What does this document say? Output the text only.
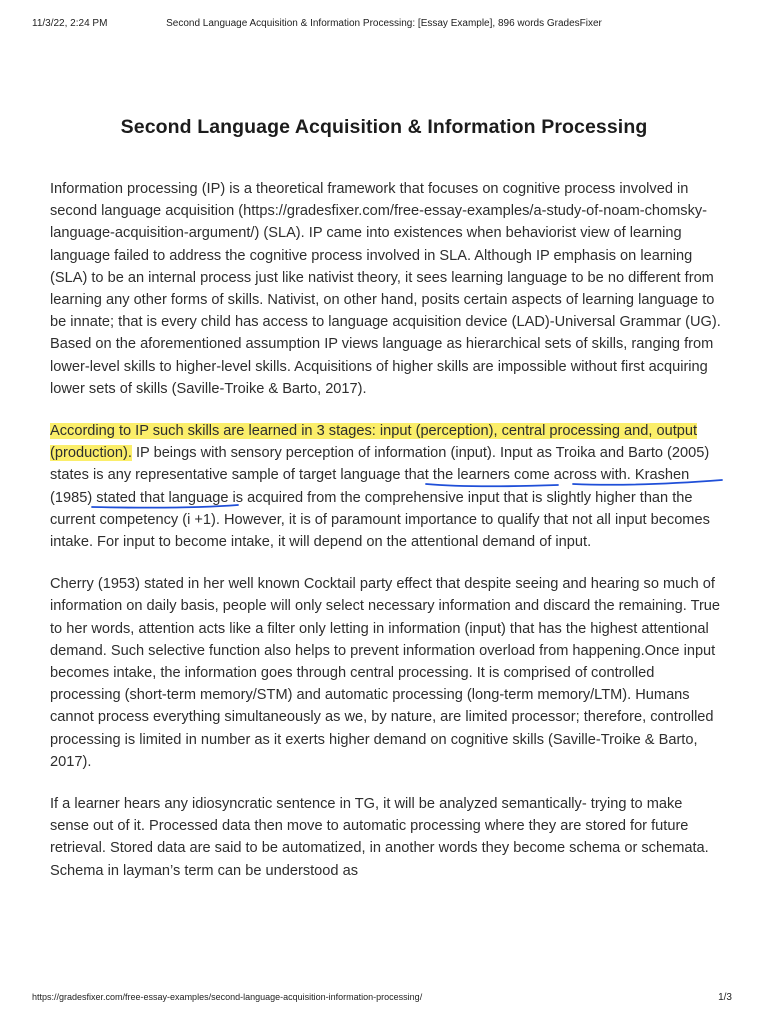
11/3/22, 2:24 PM	Second Language Acquisition & Information Processing: [Essay Example], 896 words GradesFixer
Second Language Acquisition & Information Processing

Information processing (IP) is a theoretical framework that focuses on cognitive process involved in second language acquisition (https://gradesfixer.com/free-essay-examples/a-study-of-noam-chomsky-language-acquisition-argument/) (SLA). IP came into existences when behaviorist view of learning language failed to address the cognitive process involved in SLA. Although IP emphasis on learning (SLA) to be an internal process just like nativist theory, it sees learning language to be no different from learning any other forms of skills. Nativist, on other hand, posits certain aspects of learning language to be innate; that is every child has access to language acquisition device (LAD)-Universal Grammar (UG). Based on the aforementioned assumption IP views language as hierarchical sets of skills, ranging from lower-level skills to higher-level skills. Acquisitions of higher skills are impossible without first acquiring lower sets of skills (Saville-Troike & Barto, 2017).

According to IP such skills are learned in 3 stages: input (perception), central processing and, output (production). IP beings with sensory perception of information (input). Input as Troika and Barto (2005) states is any representative sample of target language that the learners come across with. Krashen (1985) stated that language is acquired from the comprehensive input that is slightly higher than the current competency (i +1). However, it is of paramount importance to qualify that not all input becomes intake. For input to become intake, it will depend on the attentional demand of input.

Cherry (1953) stated in her well known Cocktail party effect that despite seeing and hearing so much of information on daily basis, people will only select necessary information and discard the remaining. True to her words, attention acts like a filter only letting in information (input) that has the highest attentional demand. Such selective function also helps to prevent information overload from happening.Once input becomes intake, the information goes through central processing. It is comprised of controlled processing (short-term memory/STM) and automatic processing (long-term memory/LTM). Humans cannot process everything simultaneously as we, by nature, are limited processor; therefore, controlled processing is limited in number as it exerts higher demand on cognitive skills (Saville-Troike & Barto, 2017).

If a learner hears any idiosyncratic sentence in TG, it will be analyzed semantically- trying to make sense out of it. Processed data then move to automatic processing where they are stored for future retrieval. Stored data are said to be automatized, in another words they become schema or schemata. Schema in layman’s term can be understood as

https://gradesfixer.com/free-essay-examples/second-language-acquisition-information-processing/	1/3
